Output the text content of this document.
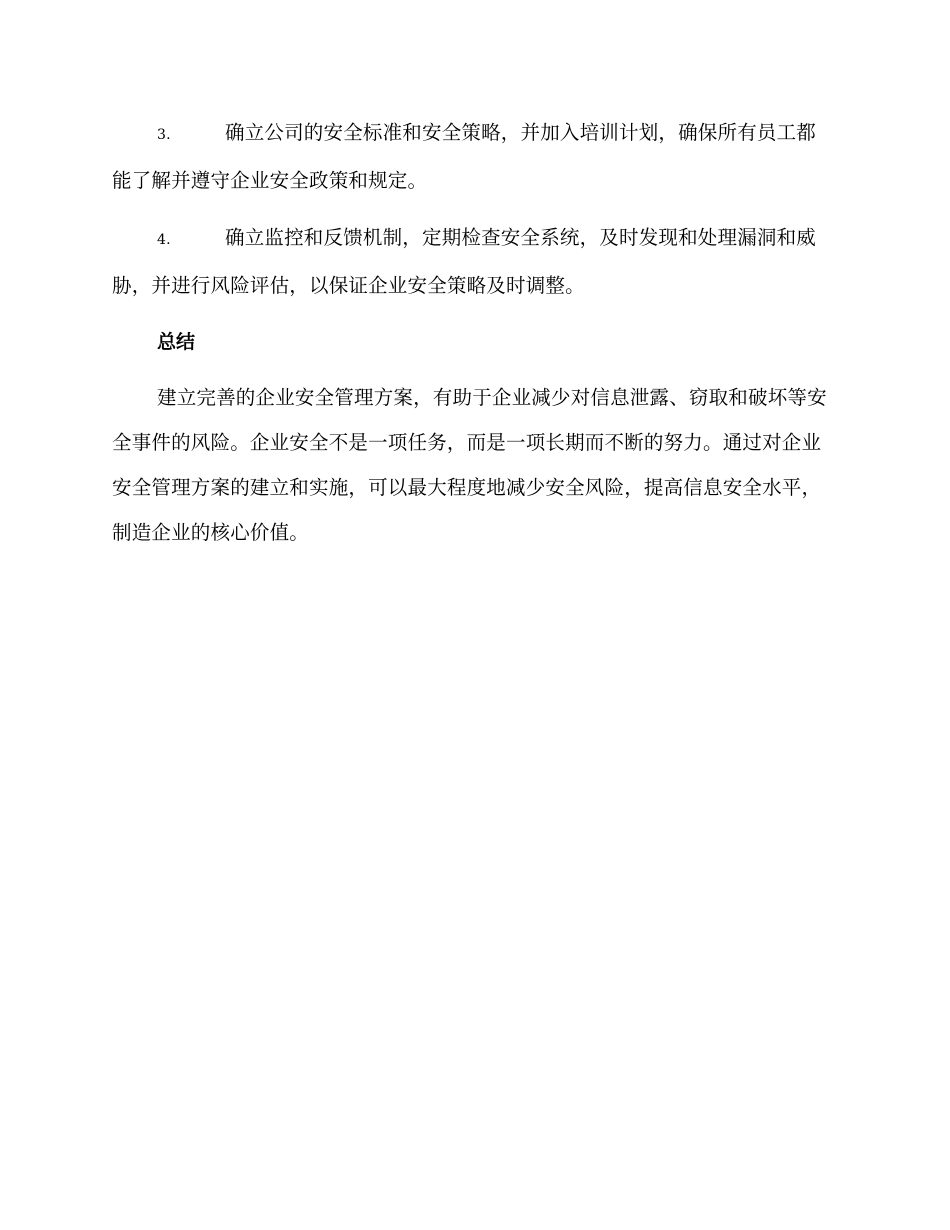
3.	确立公司的安全标准和安全策略，并加入培训计划，确保所有员工都能了解并遵守企业安全政策和规定。

4.	确立监控和反馈机制，定期检查安全系统，及时发现和处理漏洞和威胁，并进行风险评估，以保证企业安全策略及时调整。

总结

建立完善的企业安全管理方案，有助于企业减少对信息泄露、窃取和破坏等安全事件的风险。企业安全不是一项任务，而是一项长期而不断的努力。通过对企业安全管理方案的建立和实施，可以最大程度地减少安全风险，提高信息安全水平，制造企业的核心价值。
